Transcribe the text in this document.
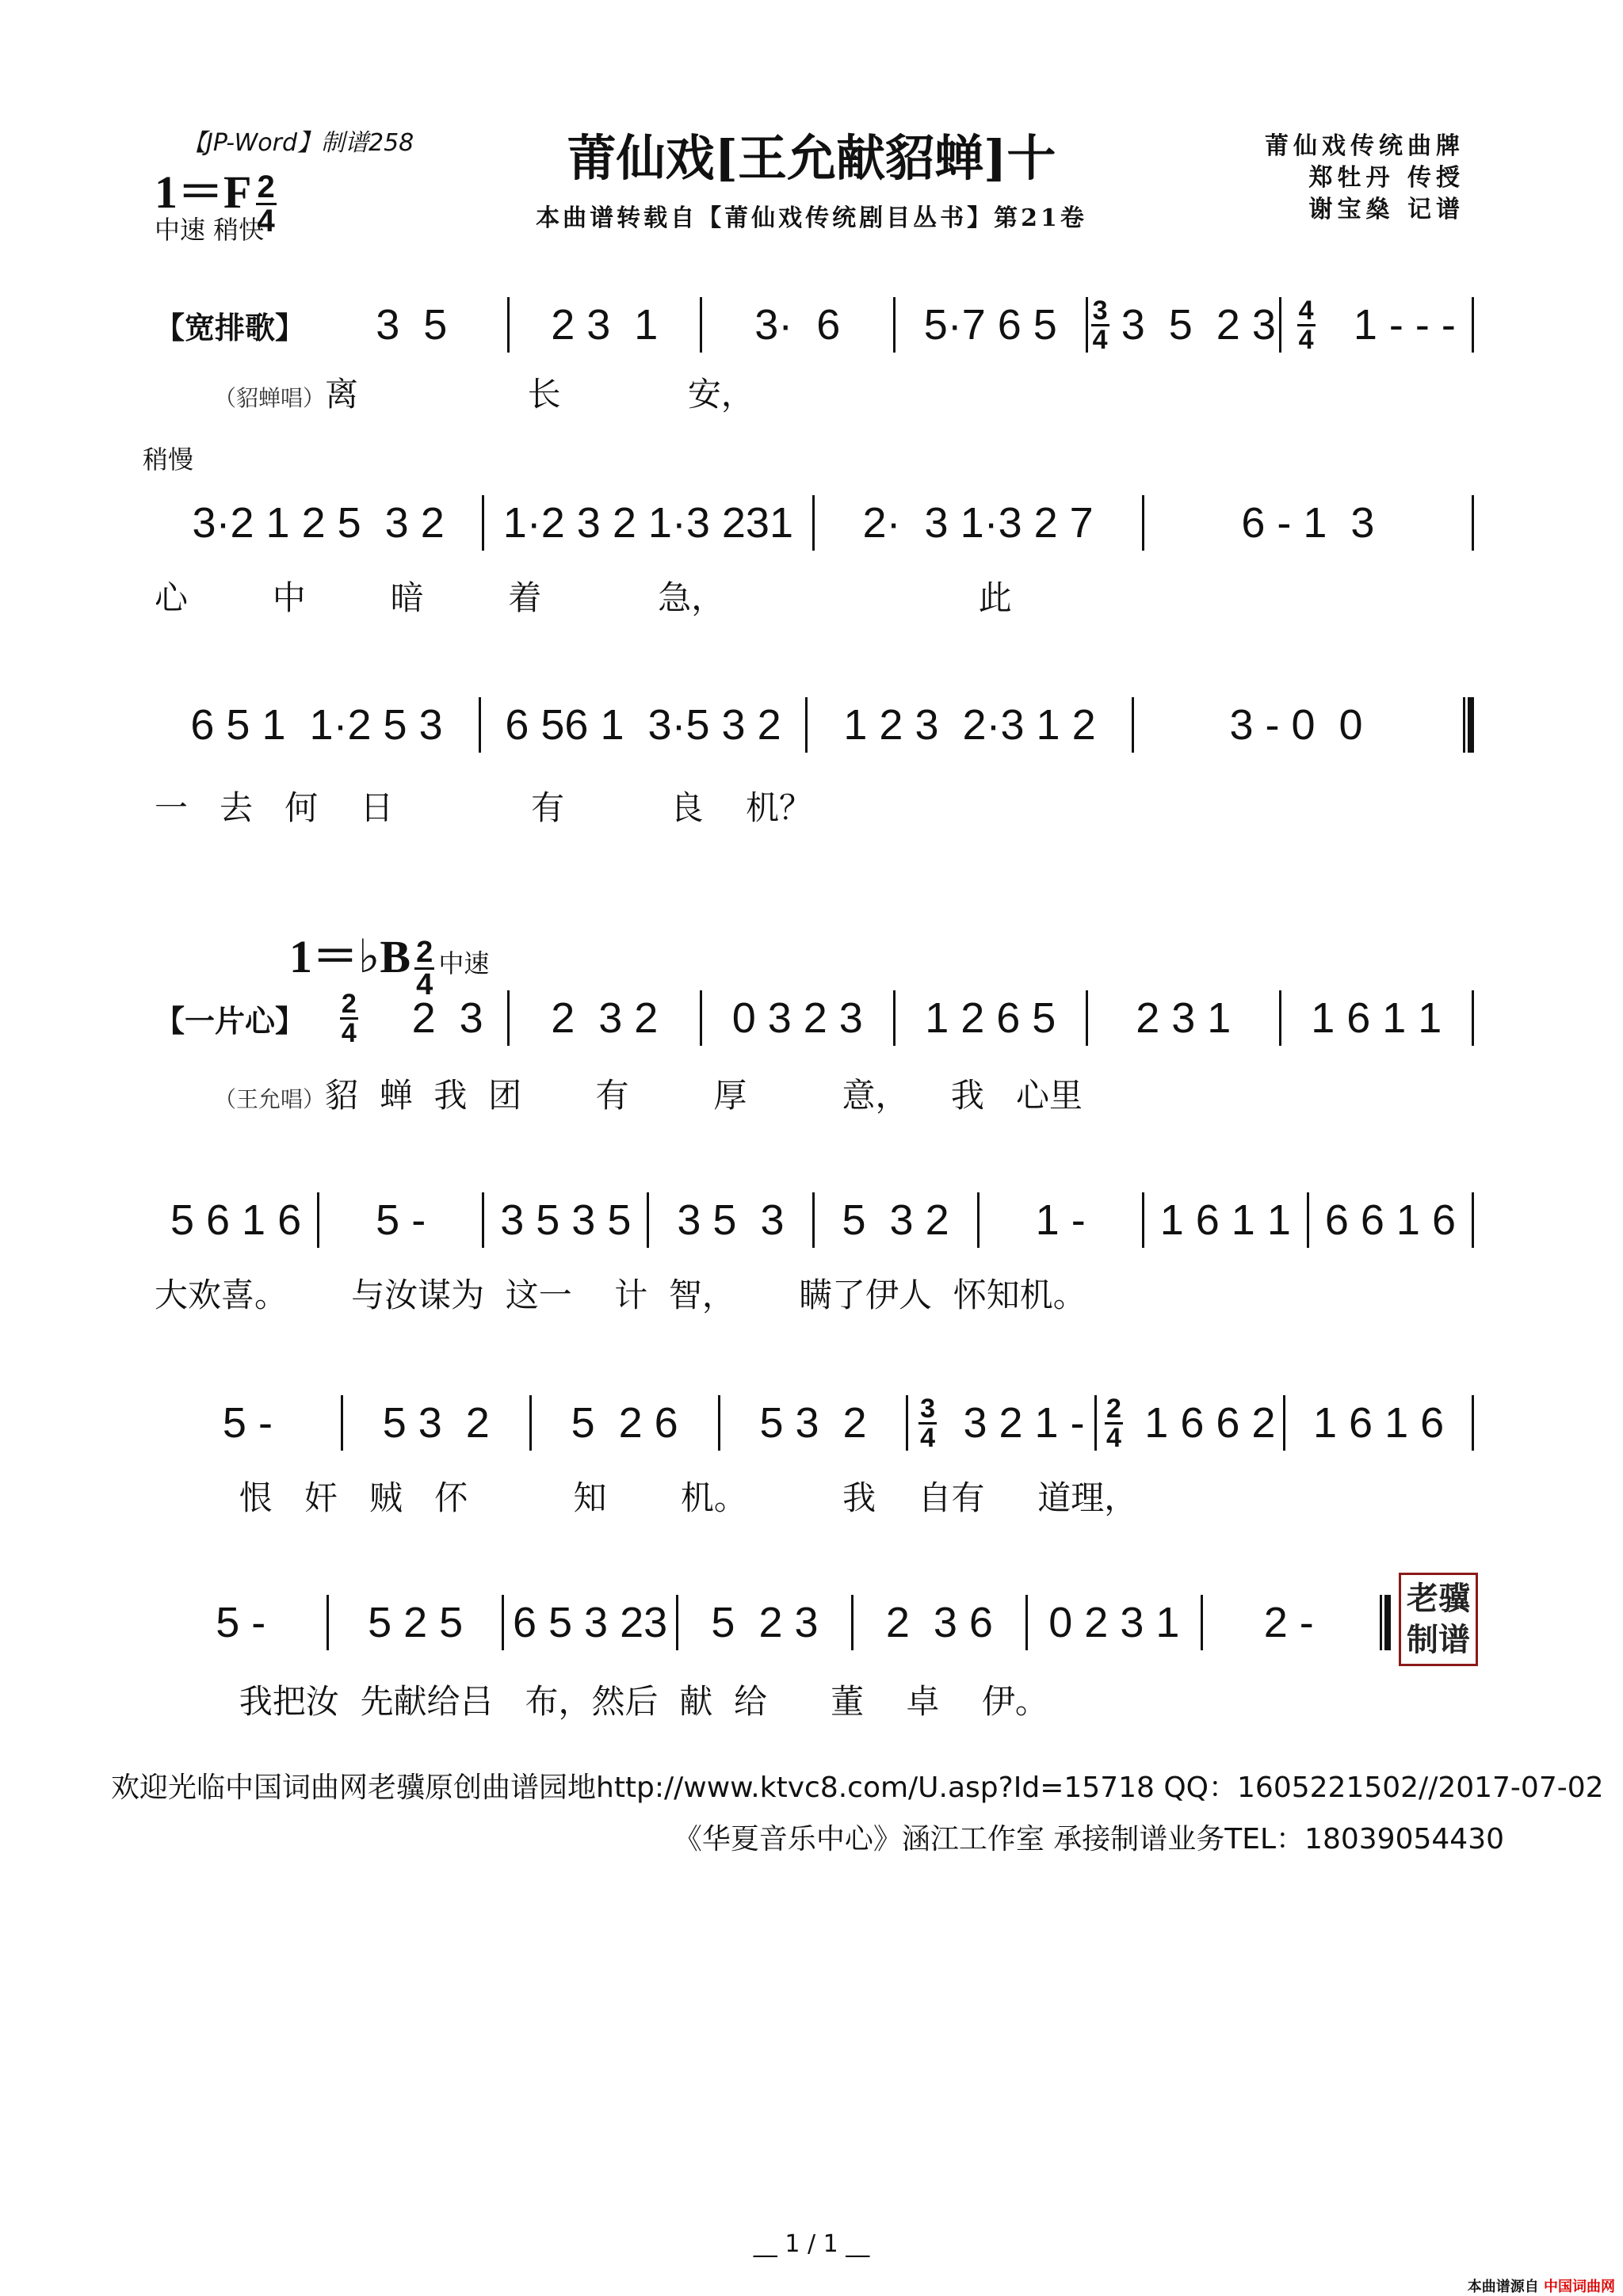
【JP-Word】制谱258
$1=F \frac{2}{4}$
中速 稍快
莆仙戏[王允献貂蝉]十
本曲谱转载自【莆仙戏传统剧目丛书】第21卷
莆仙戏传统曲牌
郑牡丹 传授
谢宝燊 记谱
稍慢
1＝♭B $\frac{2}{4}$ 中速
【宽排歌】 3  5 2 3  1 3·  6 5·7 6 $5 \frac{3}{4} 3$  5  2 $3 \frac{4}{4} 1$ - - -
（貂蝉唱）离                长            安，
3·2 1 2 5  3 2 1·2 3 2 1·3 231 2·  3 1·3 2 7	6 - 1  3
心        中        暗        着           急，                        此
6 5 1  1·2 5 3 6 56 1  3·5 3 2 1 2 3  2·3 1 2	3 - 0  0
一   去   何    日             有          良    机？
【一片心】 $\frac{2}{4} 2$  3 2  3 2 0 3 2 3 1 2 6 5 2 3 1 1 6 1 1
（王允唱）貂  蝉  我  团       有        厚         意，    我   心里
5 6 1 6 5 - 3 5 3 5 3 5  3 5  3 2 1 - 1 6 1 1 6 6 1 6
大欢喜。      与汝谋为  这一    计  智，      瞒了伊人  怀知机。
5 -	5 3  2 5  2 6 5 3  $2 \frac{3}{4} 3$ 2 $1 - \frac{2}{4} 1$ 6 6 2 1 6 1 6
恨   奸   贼   伓          知       机。         我    自有     道理，
5 - 5 2 5 6 5 3 23 5  2 3 2  3 6 0 2 3 1 2 -
我把汝  先献给吕   布，然后  献  给      董    卓    伊。
老骥
制谱
欢迎光临中国词曲网老骥原创曲谱园地http://www.ktvc8.com/U.asp?Id=15718 QQ：1605221502//2017-07-02
《华夏音乐中心》涵江工作室 承接制谱业务TEL：18039054430
__ 1 / 1 __
本曲谱源自 中国词曲网
